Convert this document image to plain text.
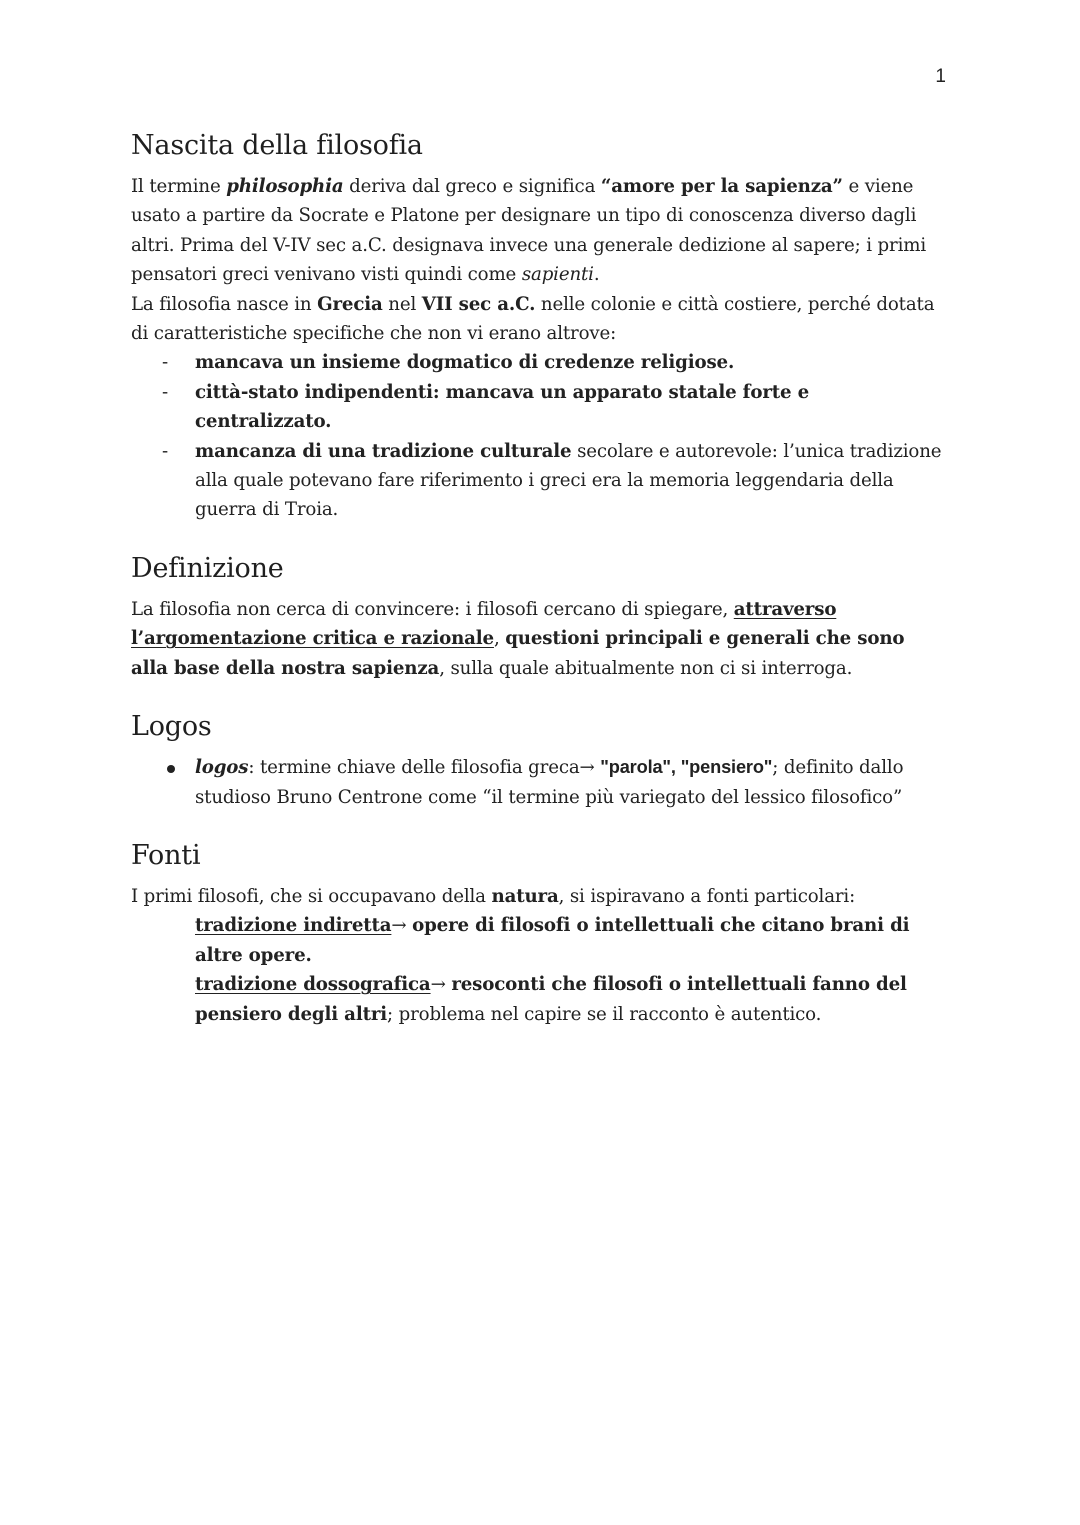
1
Nascita della filosofia

Il termine philosophia deriva dal greco e significa “amore per la sapienza” e viene usato a partire da Socrate e Platone per designare un tipo di conoscenza diverso dagli altri. Prima del V-IV sec a.C. designava invece una generale dedizione al sapere; i primi pensatori greci venivano visti quindi come sapienti.

La filosofia nasce in Grecia nel VII sec a.C. nelle colonie e città costiere, perché dotata di caratteristiche specifiche che non vi erano altrove:

-	mancava un insieme dogmatico di credenze religiose.
-	città-stato indipendenti: mancava un apparato statale forte e centralizzato.
-	mancanza di una tradizione culturale secolare e autorevole: l’unica tradizione alla quale potevano fare riferimento i greci era la memoria leggendaria della guerra di Troia.
Definizione

La filosofia non cerca di convincere: i filosofi cercano di spiegare, attraverso l’argomentazione critica e razionale, questioni principali e generali che sono alla base della nostra sapienza, sulla quale abitualmente non ci si interroga.

Logos
logos: termine chiave delle filosofia greca→ "parola", "pensiero"; definito dallo studioso Bruno Centrone come “il termine più variegato del lessico filosofico”
Fonti

I primi filosofi, che si occupavano della natura, si ispiravano a fonti particolari:

tradizione indiretta→ opere di filosofi o intellettuali che citano brani di altre opere.
tradizione dossografica→ resoconti che filosofi o intellettuali fanno del pensiero degli altri; problema nel capire se il racconto è autentico.
